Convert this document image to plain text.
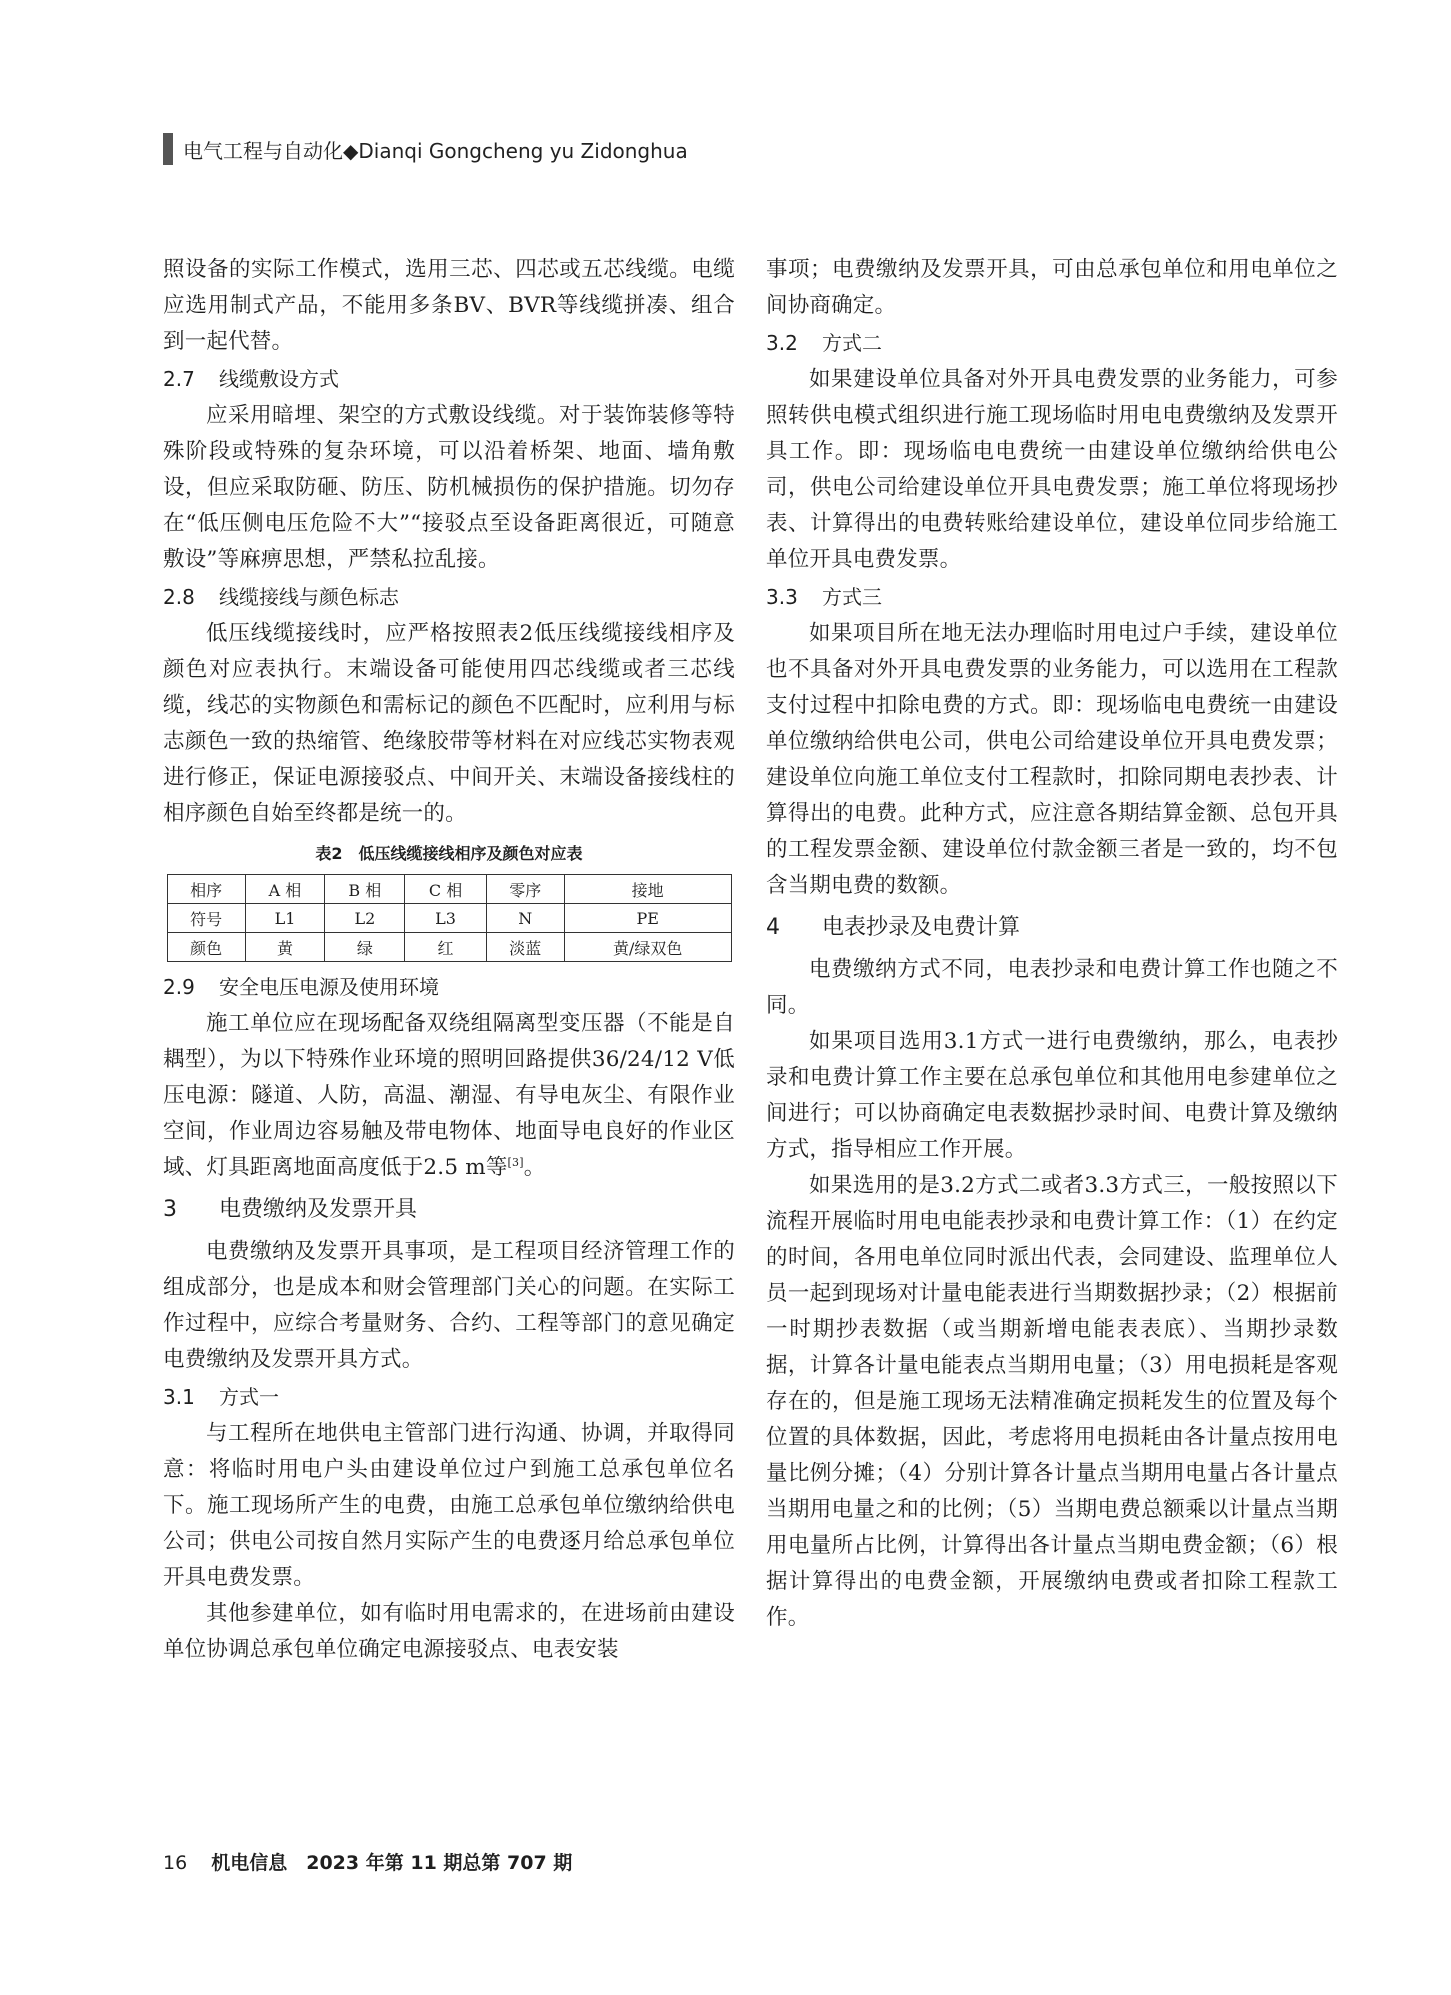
电气工程与自动化◆Dianqi Gongcheng yu Zidonghua

照设备的实际工作模式，选用三芯、四芯或五芯线缆。电缆应选用制式产品，不能用多条BV、BVR等线缆拼凑、组合到一起代替。

2.7 线缆敷设方式

应采用暗埋、架空的方式敷设线缆。对于装饰装修等特殊阶段或特殊的复杂环境，可以沿着桥架、地面、墙角敷设，但应采取防砸、防压、防机械损伤的保护措施。切勿存在“低压侧电压危险不大”“接驳点至设备距离很近，可随意敷设”等麻痹思想，严禁私拉乱接。

2.8 线缆接线与颜色标志

低压线缆接线时，应严格按照表2低压线缆接线相序及颜色对应表执行。末端设备可能使用四芯线缆或者三芯线缆，线芯的实物颜色和需标记的颜色不匹配时，应利用与标志颜色一致的热缩管、绝缘胶带等材料在对应线芯实物表观进行修正，保证电源接驳点、中间开关、末端设备接线柱的相序颜色自始至终都是统一的。

表2　低压线缆接线相序及颜色对应表
相序	A 相	B 相	C 相	零序	接地
符号	L1	L2	L3	N	PE
颜色	黄	绿	红	淡蓝	黄/绿双色
2.9 安全电压电源及使用环境

施工单位应在现场配备双绕组隔离型变压器（不能是自耦型），为以下特殊作业环境的照明回路提供36/24/12 V低压电源：隧道、人防，高温、潮湿、有导电灰尘、有限作业空间，作业周边容易触及带电物体、地面导电良好的作业区域、灯具距离地面高度低于2.5 m等[3]。

3 电费缴纳及发票开具

电费缴纳及发票开具事项，是工程项目经济管理工作的组成部分，也是成本和财会管理部门关心的问题。在实际工作过程中，应综合考量财务、合约、工程等部门的意见确定电费缴纳及发票开具方式。

3.1 方式一

与工程所在地供电主管部门进行沟通、协调，并取得同意：将临时用电户头由建设单位过户到施工总承包单位名下。施工现场所产生的电费，由施工总承包单位缴纳给供电公司；供电公司按自然月实际产生的电费逐月给总承包单位开具电费发票。

其他参建单位，如有临时用电需求的，在进场前由建设单位协调总承包单位确定电源接驳点、电表安装

事项；电费缴纳及发票开具，可由总承包单位和用电单位之间协商确定。

3.2 方式二

如果建设单位具备对外开具电费发票的业务能力，可参照转供电模式组织进行施工现场临时用电电费缴纳及发票开具工作。即：现场临电电费统一由建设单位缴纳给供电公司，供电公司给建设单位开具电费发票；施工单位将现场抄表、计算得出的电费转账给建设单位，建设单位同步给施工单位开具电费发票。

3.3 方式三

如果项目所在地无法办理临时用电过户手续，建设单位也不具备对外开具电费发票的业务能力，可以选用在工程款支付过程中扣除电费的方式。即：现场临电电费统一由建设单位缴纳给供电公司，供电公司给建设单位开具电费发票；建设单位向施工单位支付工程款时，扣除同期电表抄表、计算得出的电费。此种方式，应注意各期结算金额、总包开具的工程发票金额、建设单位付款金额三者是一致的，均不包含当期电费的数额。

4 电表抄录及电费计算

电费缴纳方式不同，电表抄录和电费计算工作也随之不同。

如果项目选用3.1方式一进行电费缴纳，那么，电表抄录和电费计算工作主要在总承包单位和其他用电参建单位之间进行；可以协商确定电表数据抄录时间、电费计算及缴纳方式，指导相应工作开展。

如果选用的是3.2方式二或者3.3方式三，一般按照以下流程开展临时用电电能表抄录和电费计算工作：（1）在约定的时间，各用电单位同时派出代表，会同建设、监理单位人员一起到现场对计量电能表进行当期数据抄录；（2）根据前一时期抄表数据（或当期新增电能表表底）、当期抄录数据，计算各计量电能表点当期用电量；（3）用电损耗是客观存在的，但是施工现场无法精准确定损耗发生的位置及每个位置的具体数据，因此，考虑将用电损耗由各计量点按用电量比例分摊；（4）分别计算各计量点当期用电量占各计量点当期用电量之和的比例；（5）当期电费总额乘以计量点当期用电量所占比例，计算得出各计量点当期电费金额；（6）根据计算得出的电费金额，开展缴纳电费或者扣除工程款工作。

16 机电信息　2023 年第 11 期总第 707 期
